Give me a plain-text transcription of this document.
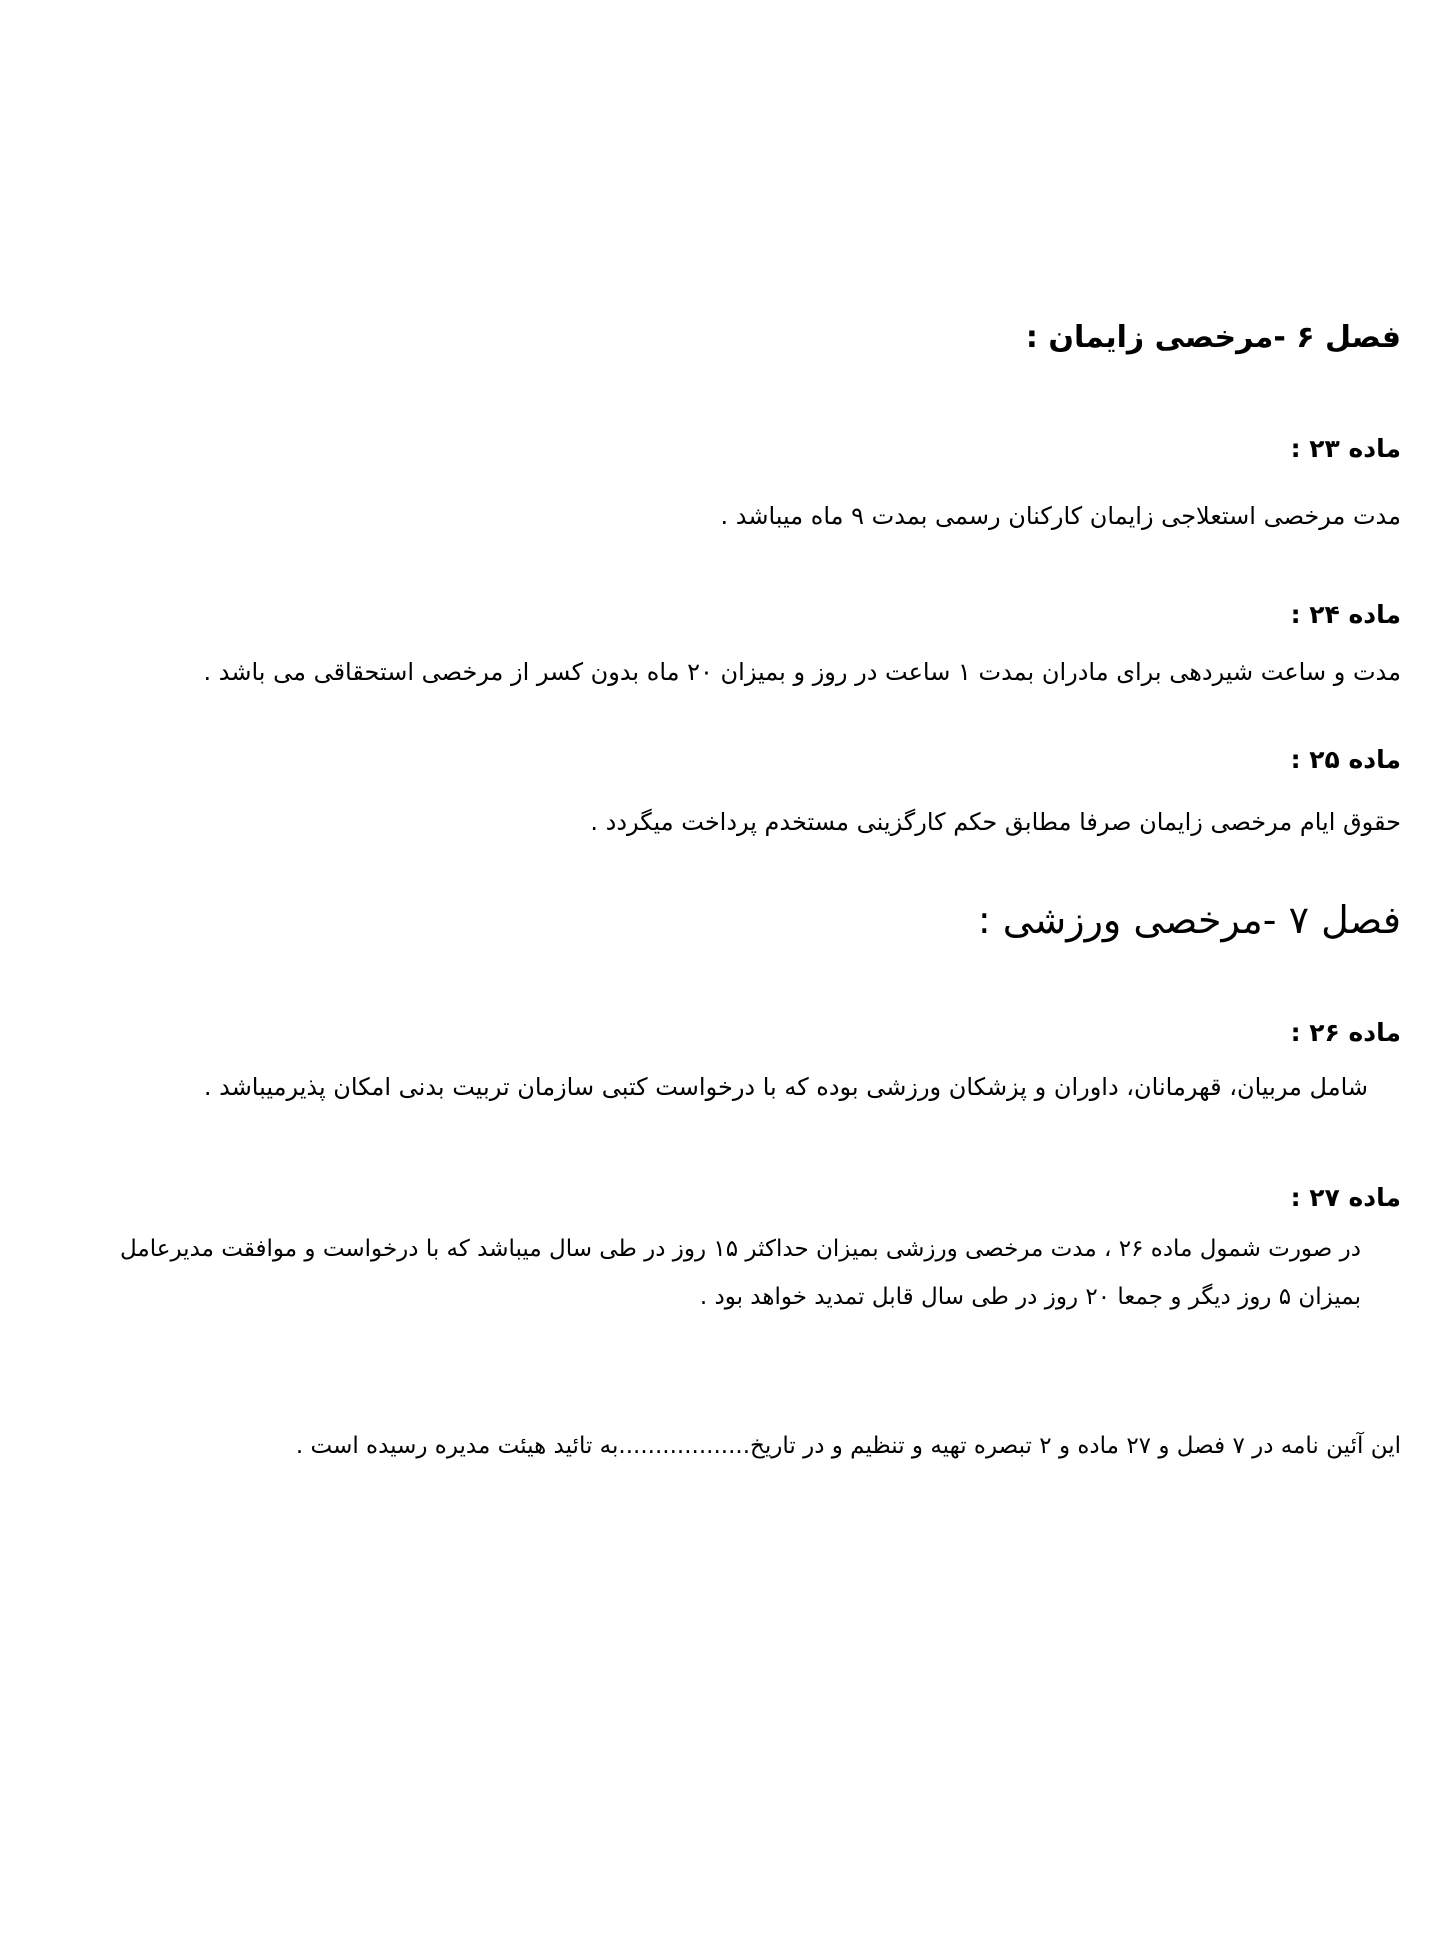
فصل ۶ -مرخصی زایمان :
ماده ۲۳ :
مدت مرخصی استعلاجی زایمان کارکنان رسمی بمدت ۹ ماه میباشد .
ماده ۲۴ :
مدت و ساعت شیردهی برای مادران بمدت ۱ ساعت در روز و بمیزان ۲۰ ماه بدون کسر از مرخصی استحقاقی می باشد .
ماده ۲۵ :
حقوق ایام مرخصی زایمان صرفا مطابق حکم کارگزینی مستخدم پرداخت میگردد .
فصل ۷ -مرخصی ورزشی :
ماده ۲۶ :
شامل مربیان، قهرمانان، داوران و پزشکان ورزشی بوده که با درخواست کتبی سازمان تربیت بدنی امکان پذیرمیباشد .
ماده ۲۷ :
در صورت شمول ماده ۲۶ ، مدت مرخصی ورزشی بمیزان حداکثر ۱۵ روز در طی سال میباشد که با درخواست و موافقت مدیرعامل
بمیزان ۵ روز دیگر و جمعا ۲۰ روز در طی سال قابل تمدید خواهد بود .
این آئین نامه در ۷ فصل و ۲۷ ماده و ۲ تبصره تهیه و تنظیم و در تاریخ..................به تائید هیئت مدیره رسیده است .
